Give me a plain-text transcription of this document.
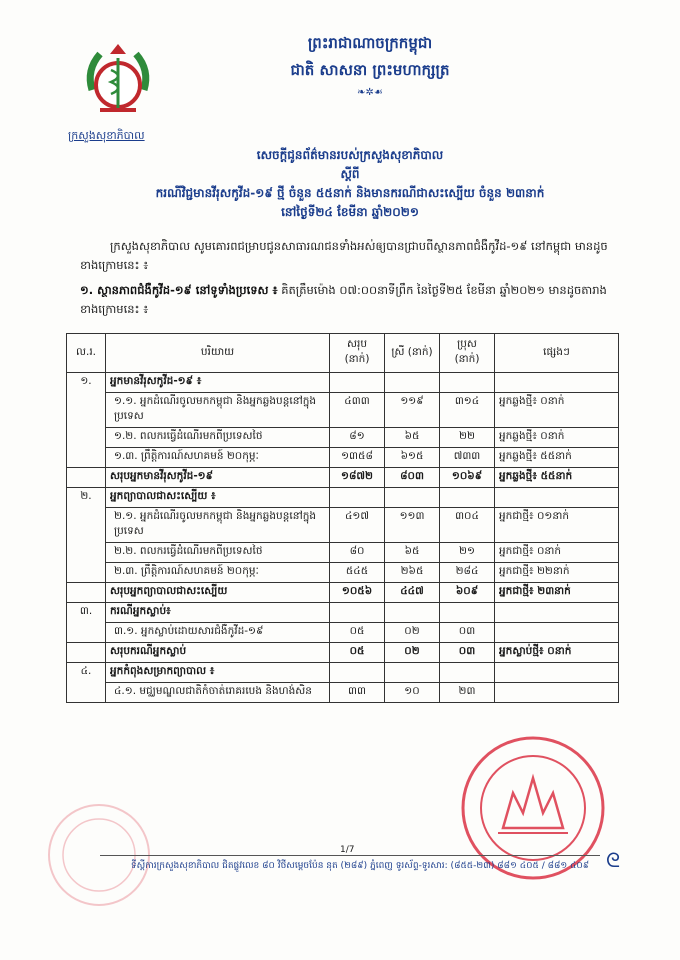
ក្រសួងសុខាភិបាល
ព្រះរាជាណាចក្រកម្ពុជា
ជាតិ សាសនា ព្រះមហាក្សត្រ
❧✲☙
សេចក្តីជូនព័ត៌មានរបស់ក្រសួងសុខាភិបាល
ស្តីពី
ករណីវិជ្ជមានវីរុសកូវីដ-១៩ ថ្មី ចំនួន ៥៥នាក់ និងមានករណីជាសះស្បើយ ចំនួន ២៣នាក់
នៅថ្ងៃទី២៤ ខែមីនា ឆ្នាំ២០២១
ក្រសួងសុខាភិបាល សូមគោរពជម្រាបជូនសាធារណជនទាំងអស់ឲ្យបានជ្រាបពីស្ថានភាពជំងឺកូវីដ-១៩ នៅកម្ពុជា មានដូចខាងក្រោមនេះ ៖
១. ស្ថានភាពជំងឺកូវីដ-១៩ នៅទូទាំងប្រទេស ៖ គិតត្រឹមម៉ោង ០៧:០០នាទីព្រឹក នៃថ្ងៃទី២៥ ខែមីនា ឆ្នាំ២០២១ មានដូចតារាងខាងក្រោមនេះ ៖
ល.រ.	បរិយាយ	សរុប (នាក់)	ស្រី (នាក់)	ប្រុស (នាក់)	ផ្សេងៗ
១.	អ្នកមានវីរុសកូវីដ-១៩ ៖				
	១.១. អ្នកដំណើរចូលមកកម្ពុជា និងអ្នកឆ្លងបន្តនៅក្នុងប្រទេស	៤៣៣	១១៩	៣១៤	អ្នកឆ្លងថ្មី៖ ០នាក់
	១.២. ពលករធ្វើដំណើរមកពីប្រទេសថៃ	៨១	៦៥	២២	អ្នកឆ្លងថ្មី៖ ០នាក់
	១.៣. ព្រឹត្តិការណ៍សហគមន៍ ២០កុម្ភៈ	១៣៥៨	៦១៥	៧៣៣	អ្នកឆ្លងថ្មី៖ ៥៥នាក់
	សរុបអ្នកមានវីរុសកូវីដ-១៩	១៨៧២	៨០៣	១០៦៩	អ្នកឆ្លងថ្មី៖ ៥៥នាក់
២.	អ្នកព្យាបាលជាសះស្បើយ ៖				
	២.១. អ្នកដំណើរចូលមកកម្ពុជា និងអ្នកឆ្លងបន្តនៅក្នុងប្រទេស	៤១៧	១១៣	៣០៤	អ្នកជាថ្មី៖ ០១នាក់
	២.២. ពលករធ្វើដំណើរមកពីប្រទេសថៃ	៨០	៦៥	២១	អ្នកជាថ្មី៖ ០នាក់
	២.៣. ព្រឹត្តិការណ៍សហគមន៍ ២០កុម្ភៈ	៥៤៥	២៦៥	២៨៤	អ្នកជាថ្មី៖ ២២នាក់
	សរុបអ្នកព្យាបាលជាសះស្បើយ	១០៥៦	៤៤៧	៦០៩	អ្នកជាថ្មី៖ ២៣នាក់
៣.	ករណីអ្នកស្លាប់៖				
	៣.១. អ្នកស្លាប់ដោយសារជំងឺកូវីដ-១៩	០៥	០២	០៣	
	សរុបករណីអ្នកស្លាប់	០៥	០២	០៣	អ្នកស្លាប់ថ្មី៖ ០នាក់
៤.	អ្នកកំពុងសម្រាកព្យាបាល ៖				
	៤.១. មជ្ឈមណ្ឌលជាតិកំចាត់រោគរបេង និងហង់សិន	៣៣	១០	២៣	
1/7
ទីស្តីការក្រសួងសុខាភិបាល ជិតផ្លូវលេខ ៨០ វិថីសម្ដេចប៉ែន នុត (២៨៩) ភ្នំពេញ ទូរស័ព្ទ-ទូរសារ: (៨៥៥-២៣) ៨៨១ ៤០៥ / ៨៨១ ៤០៩ ᘓ
